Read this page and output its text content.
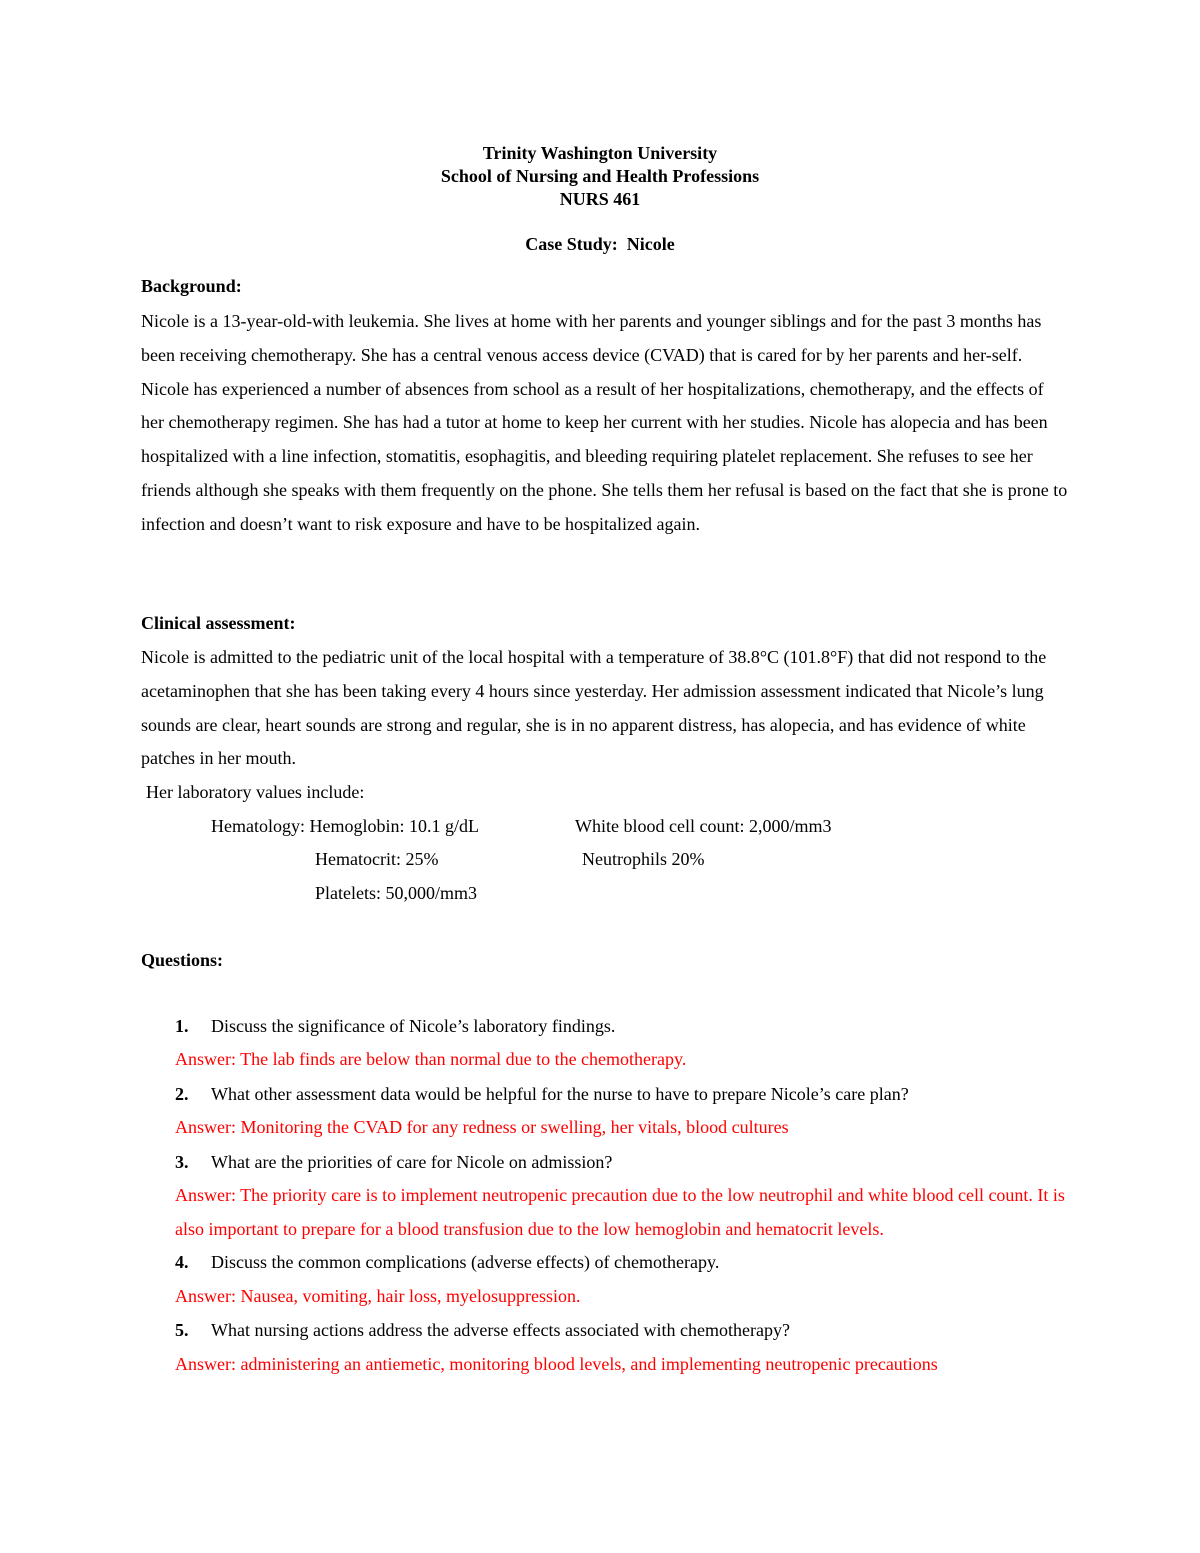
Trinity Washington University
School of Nursing and Health Professions
NURS 461
Case Study:  Nicole
Background:
Nicole is a 13-year-old-with leukemia. She lives at home with her parents and younger siblings and for the past 3 months has been receiving chemotherapy. She has a central venous access device (CVAD) that is cared for by her parents and her-self. Nicole has experienced a number of absences from school as a result of her hospitalizations, chemotherapy, and the effects of her chemotherapy regimen. She has had a tutor at home to keep her current with her studies. Nicole has alopecia and has been hospitalized with a line infection, stomatitis, esophagitis, and bleeding requiring platelet replacement. She refuses to see her friends although she speaks with them frequently on the phone. She tells them her refusal is based on the fact that she is prone to infection and doesn’t want to risk exposure and have to be hospitalized again.
Clinical assessment:
Nicole is admitted to the pediatric unit of the local hospital with a temperature of 38.8°C (101.8°F) that did not respond to the acetaminophen that she has been taking every 4 hours since yesterday. Her admission assessment indicated that Nicole’s lung sounds are clear, heart sounds are strong and regular, she is in no apparent distress, has alopecia, and has evidence of white patches in her mouth.
Her laboratory values include:
Hematology: Hemoglobin: 10.1 g/dL	White blood cell count: 2,000/mm3
Hematocrit: 25%	Neutrophils 20%
Platelets: 50,000/mm3
Questions:
1. Discuss the significance of Nicole’s laboratory findings.
Answer: The lab finds are below than normal due to the chemotherapy.
2. What other assessment data would be helpful for the nurse to have to prepare Nicole’s care plan?
Answer: Monitoring the CVAD for any redness or swelling, her vitals, blood cultures
3. What are the priorities of care for Nicole on admission?
Answer: The priority care is to implement neutropenic precaution due to the low neutrophil and white blood cell count. It is also important to prepare for a blood transfusion due to the low hemoglobin and hematocrit levels.
4. Discuss the common complications (adverse effects) of chemotherapy.
Answer: Nausea, vomiting, hair loss, myelosuppression.
5. What nursing actions address the adverse effects associated with chemotherapy?
Answer: administering an antiemetic, monitoring blood levels, and implementing neutropenic precautions
